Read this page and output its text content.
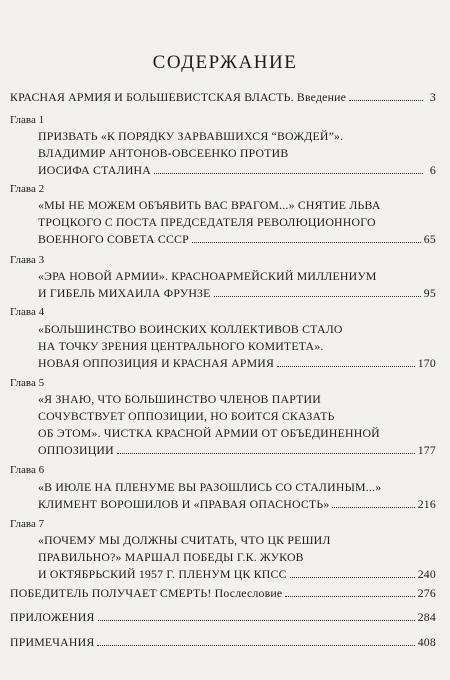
СОДЕРЖАНИЕ
КРАСНАЯ АРМИЯ И БОЛЬШЕВИСТСКАЯ ВЛАСТЬ. Введение	3
Глава 1
ПРИЗВАТЬ «К ПОРЯДКУ ЗАРВАВШИХСЯ “ВОЖДЕЙ”».
ВЛАДИМИР АНТОНОВ-ОВСЕЕНКО ПРОТИВ
ИОСИФА СТАЛИНА	6
Глава 2
«МЫ НЕ МОЖЕМ ОБЪЯВИТЬ ВАС ВРАГОМ...» СНЯТИЕ ЛЬВА
ТРОЦКОГО С ПОСТА ПРЕДСЕДАТЕЛЯ РЕВОЛЮЦИОННОГО
ВОЕННОГО СОВЕТА СССР	65
Глава 3
«ЭРА НОВОЙ АРМИИ». КРАСНОАРМЕЙСКИЙ МИЛЛЕНИУМ
И ГИБЕЛЬ МИХАИЛА ФРУНЗЕ	95
Глава 4
«БОЛЬШИНСТВО ВОИНСКИХ КОЛЛЕКТИВОВ СТАЛО
НА ТОЧКУ ЗРЕНИЯ ЦЕНТРАЛЬНОГО КОМИТЕТА».
НОВАЯ ОППОЗИЦИЯ И КРАСНАЯ АРМИЯ	170
Глава 5
«Я ЗНАЮ, ЧТО БОЛЬШИНСТВО ЧЛЕНОВ ПАРТИИ
СОЧУВСТВУЕТ ОППОЗИЦИИ, НО БОИТСЯ СКАЗАТЬ
ОБ ЭТОМ». ЧИСТКА КРАСНОЙ АРМИИ ОТ ОБЪЕДИНЕННОЙ
ОППОЗИЦИИ	177
Глава 6
«В ИЮЛЕ НА ПЛЕНУМЕ ВЫ РАЗОШЛИСЬ СО СТАЛИНЫМ...»
КЛИМЕНТ ВОРОШИЛОВ И «ПРАВАЯ ОПАСНОСТЬ»	216
Глава 7
«ПОЧЕМУ МЫ ДОЛЖНЫ СЧИТАТЬ, ЧТО ЦК РЕШИЛ
ПРАВИЛЬНО?» МАРШАЛ ПОБЕДЫ Г.К. ЖУКОВ
И ОКТЯБРЬСКИЙ 1957 Г. ПЛЕНУМ ЦК КПСС	240
ПОБЕДИТЕЛЬ ПОЛУЧАЕТ СМЕРТЬ! Послесловие	276
ПРИЛОЖЕНИЯ	284
ПРИМЕЧАНИЯ	408
